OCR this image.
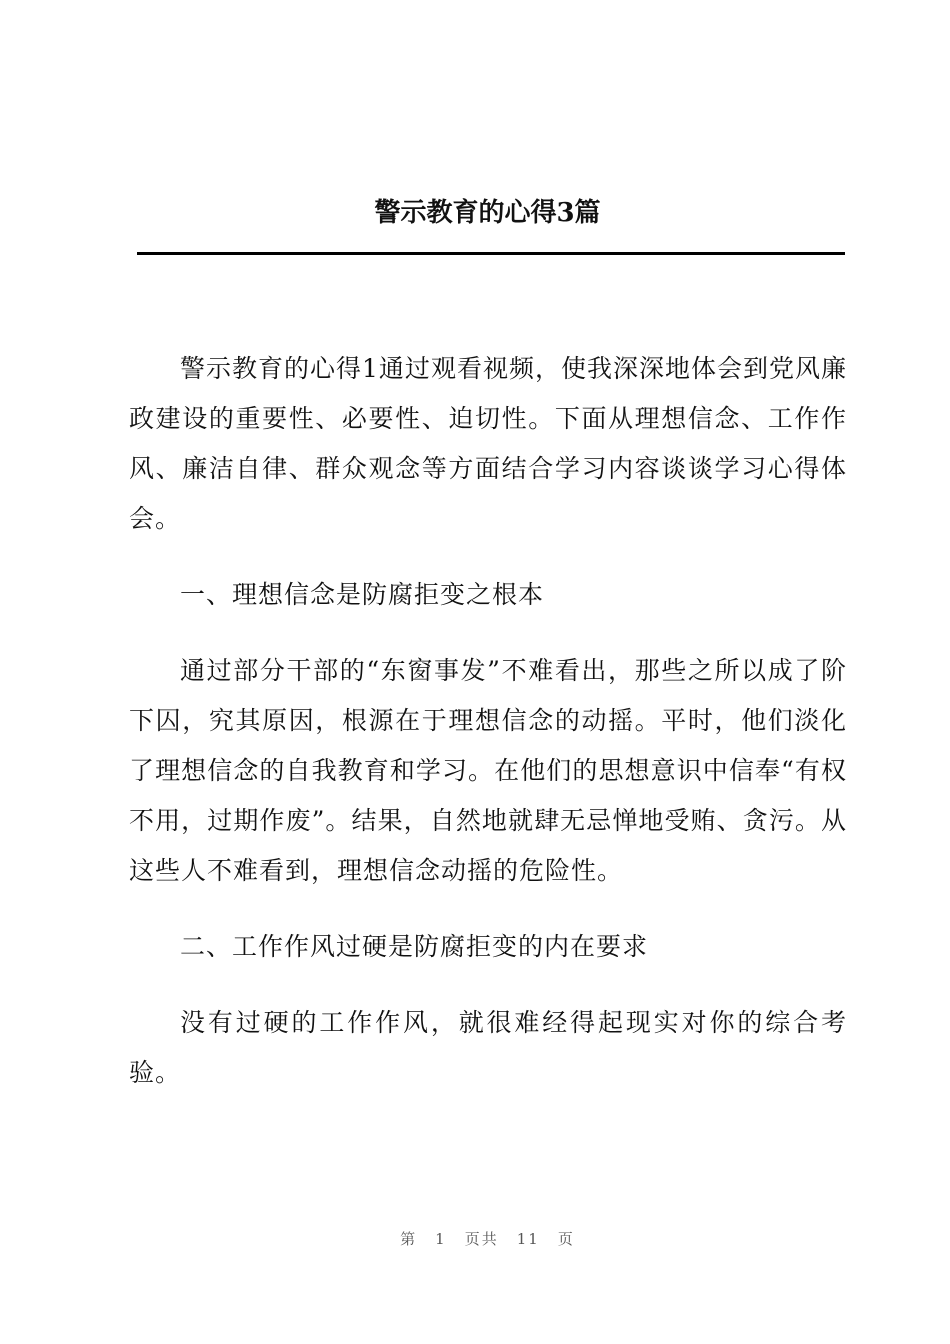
警示教育的心得3篇

警示教育的心得1通过观看视频，使我深深地体会到党风廉政建设的重要性、必要性、迫切性。下面从理想信念、工作作风、廉洁自律、群众观念等方面结合学习内容谈谈学习心得体会。

一、理想信念是防腐拒变之根本

通过部分干部的“东窗事发”不难看出，那些之所以成了阶下囚，究其原因，根源在于理想信念的动摇。平时，他们淡化了理想信念的自我教育和学习。在他们的思想意识中信奉“有权不用，过期作废”。结果，自然地就肆无忌惮地受贿、贪污。从这些人不难看到，理想信念动摇的危险性。

二、工作作风过硬是防腐拒变的内在要求

没有过硬的工作作风，就很难经得起现实对你的综合考验。

第 1 页共 11 页
